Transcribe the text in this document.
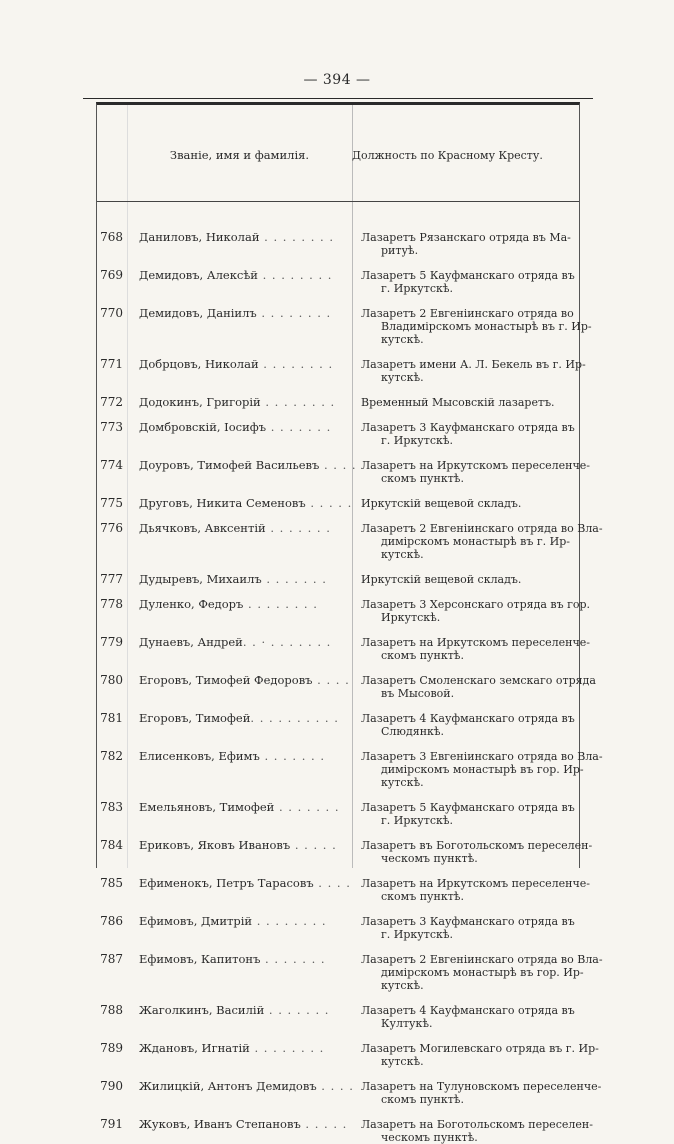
— 394 —
Званіе, имя и фамилія.	Должность по Красному Кресту.
768 Даниловъ, Николай . . . . . . . .	Лазаретъ Рязанскаго отряда въ Ма-
ритуѣ.
769 Демидовъ, Алексѣй . . . . . . . .	Лазаретъ 5 Кауфманскаго отряда въ
г. Иркутскѣ.
770 Демидовъ, Даніилъ . . . . . . . .	Лазаретъ 2 Евгеніинскаго отряда во
Владимірскомъ монастырѣ въ г. Ир-
кутскѣ.
771 Добрцовъ, Николай . . . . . . . .	Лазаретъ имени А. Л. Бекель въ г. Ир-
кутскѣ.
772 Додокинъ, Григорій . . . . . . . .	Временный Мысовскій лазаретъ.
773 Домбровскій, Іосифъ . . . . . . .	Лазаретъ 3 Кауфманскаго отряда въ
г. Иркутскѣ.
774 Доуровъ, Тимофей Васильевъ . . . . Лазаретъ на Иркутскомъ переселенче-
скомъ пунктѣ.
775 Друговъ, Никита Семеновъ . . . . . Иркутскій вещевой складъ.
776 Дьячковъ, Авксентій . . . . . . .	Лазаретъ 2 Евгеніинскаго отряда во Вла-
димірскомъ монастырѣ въ г. Ир-
кутскѣ.
777 Дудыревъ, Михаилъ . . . . . . .	Иркутскій вещевой складъ.
778 Дуленко, Федоръ . . . . . . . .	Лазаретъ 3 Херсонскаго отряда въ гор.
Иркутскѣ.
779 Дунаевъ, Андрей. . · . . . . . . .	Лазаретъ на Иркутскомъ переселенче-
скомъ пунктѣ.
780 Егоровъ, Тимофей Федоровъ . . . . Лазаретъ Смоленскаго земскаго отряда
въ Мысовой.
781 Егоровъ, Тимофей. . . . . . . . . .	Лазаретъ 4 Кауфманскаго отряда въ
Слюдянкѣ.
782 Елисенковъ, Ефимъ . . . . . . .	Лазаретъ 3 Евгеніинскаго отряда во Вла-
димірскомъ монастырѣ въ гор. Ир-
кутскѣ.
783 Емельяновъ, Тимофей . . . . . . .	Лазаретъ 5 Кауфманскаго отряда въ
г. Иркутскѣ.
784 Ериковъ, Яковъ Ивановъ . . . . .	Лазаретъ въ Боготольскомъ переселен-
ческомъ пунктѣ.
785 Ефименокъ, Петръ Тарасовъ . . . . Лазаретъ на Иркутскомъ переселенче-
скомъ пунктѣ.
786 Ефимовъ, Дмитрій . . . . . . . .	Лазаретъ 3 Кауфманскаго отряда въ
г. Иркутскѣ.
787 Ефимовъ, Капитонъ . . . . . . .	Лазаретъ 2 Евгеніинскаго отряда во Вла-
димірскомъ монастырѣ въ гор. Ир-
кутскѣ.
788 Жаголкинъ, Василій . . . . . . .	Лазаретъ 4 Кауфманскаго отряда въ
Култукѣ.
789 Ждановъ, Игнатій . . . . . . . .	Лазаретъ Могилевскаго отряда въ г. Ир-
кутскѣ.
790 Жилицкій, Антонъ Демидовъ . . . . Лазаретъ на Тулуновскомъ переселенче-
скомъ пунктѣ.
791 Жуковъ, Иванъ Степановъ . . . . . Лазаретъ на Боготольскомъ переселен-
ческомъ пунктѣ.
